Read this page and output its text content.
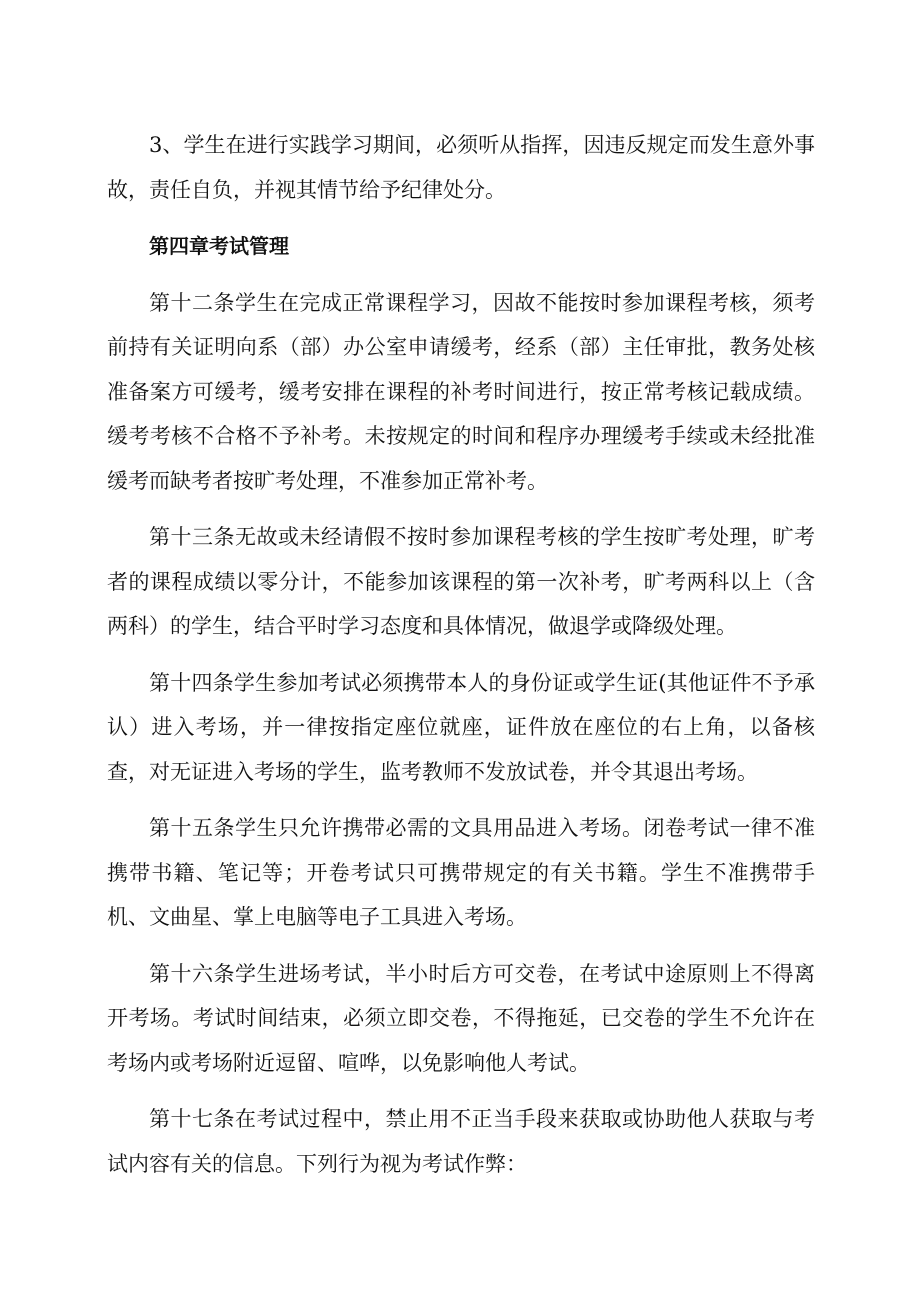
3、学生在进行实践学习期间，必须听从指挥，因违反规定而发生意外事故，责任自负，并视其情节给予纪律处分。

第四章考试管理

第十二条学生在完成正常课程学习，因故不能按时参加课程考核，须考前持有关证明向系（部）办公室申请缓考，经系（部）主任审批，教务处核准备案方可缓考，缓考安排在课程的补考时间进行，按正常考核记载成绩。缓考考核不合格不予补考。未按规定的时间和程序办理缓考手续或未经批准缓考而缺考者按旷考处理，不准参加正常补考。

第十三条无故或未经请假不按时参加课程考核的学生按旷考处理，旷考者的课程成绩以零分计，不能参加该课程的第一次补考，旷考两科以上（含两科）的学生，结合平时学习态度和具体情况，做退学或降级处理。

第十四条学生参加考试必须携带本人的身份证或学生证(其他证件不予承认）进入考场，并一律按指定座位就座，证件放在座位的右上角，以备核查，对无证进入考场的学生，监考教师不发放试卷，并令其退出考场。

第十五条学生只允许携带必需的文具用品进入考场。闭卷考试一律不准携带书籍、笔记等；开卷考试只可携带规定的有关书籍。学生不准携带手机、文曲星、掌上电脑等电子工具进入考场。

第十六条学生进场考试，半小时后方可交卷，在考试中途原则上不得离开考场。考试时间结束，必须立即交卷，不得拖延，已交卷的学生不允许在考场内或考场附近逗留、喧哗，以免影响他人考试。

第十七条在考试过程中，禁止用不正当手段来获取或协助他人获取与考试内容有关的信息。下列行为视为考试作弊：
